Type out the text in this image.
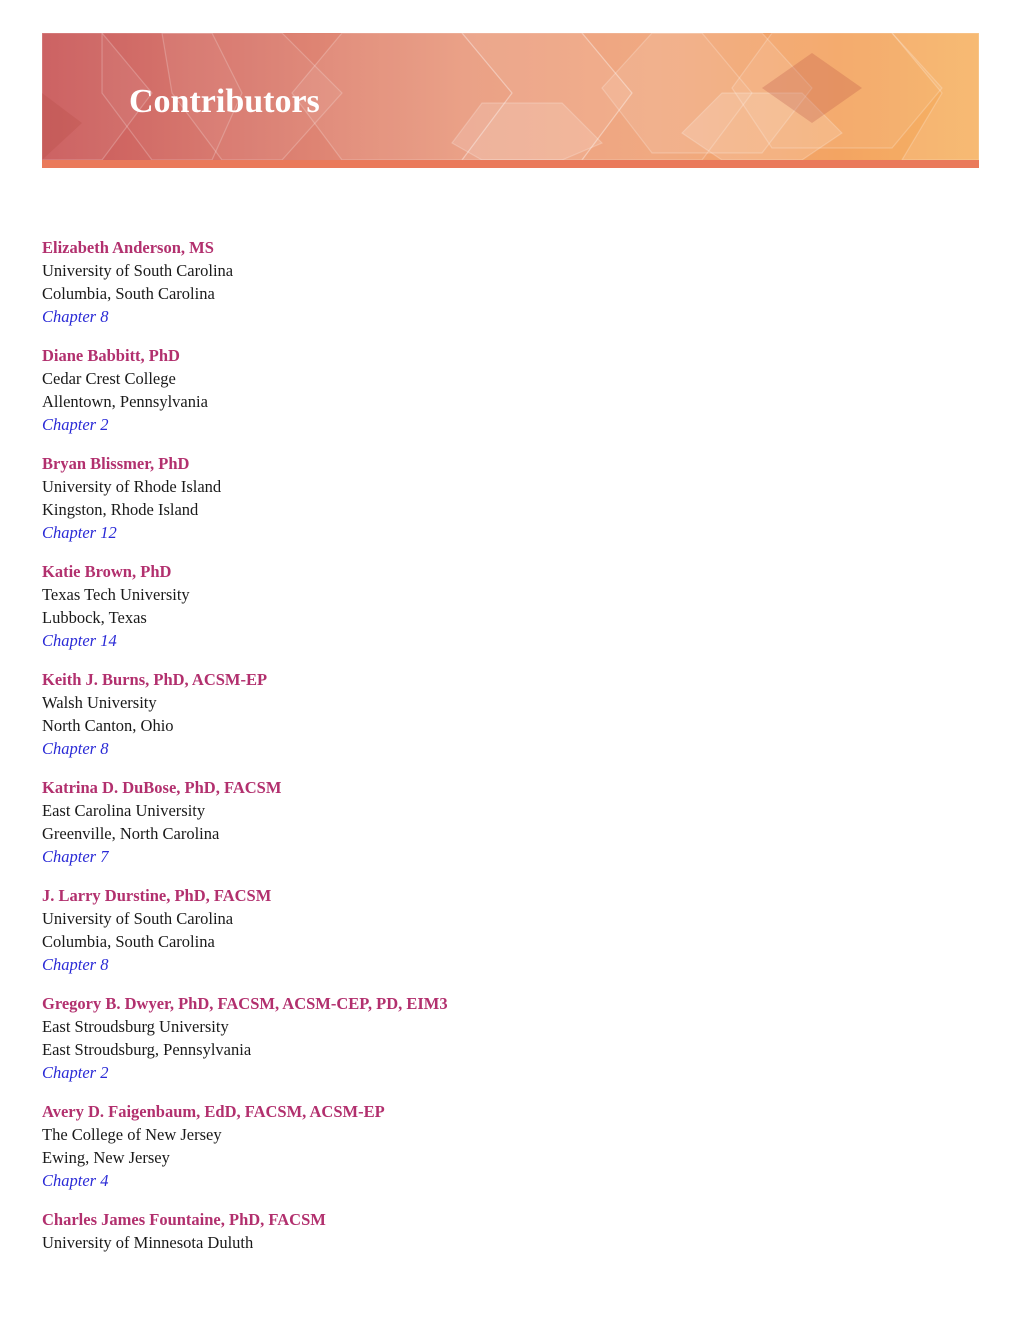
Contributors
Elizabeth Anderson, MS
University of South Carolina
Columbia, South Carolina
Chapter 8
Diane Babbitt, PhD
Cedar Crest College
Allentown, Pennsylvania
Chapter 2
Bryan Blissmer, PhD
University of Rhode Island
Kingston, Rhode Island
Chapter 12
Katie Brown, PhD
Texas Tech University
Lubbock, Texas
Chapter 14
Keith J. Burns, PhD, ACSM-EP
Walsh University
North Canton, Ohio
Chapter 8
Katrina D. DuBose, PhD, FACSM
East Carolina University
Greenville, North Carolina
Chapter 7
J. Larry Durstine, PhD, FACSM
University of South Carolina
Columbia, South Carolina
Chapter 8
Gregory B. Dwyer, PhD, FACSM, ACSM-CEP, PD, EIM3
East Stroudsburg University
East Stroudsburg, Pennsylvania
Chapter 2
Avery D. Faigenbaum, EdD, FACSM, ACSM-EP
The College of New Jersey
Ewing, New Jersey
Chapter 4
Charles James Fountaine, PhD, FACSM
University of Minnesota Duluth
